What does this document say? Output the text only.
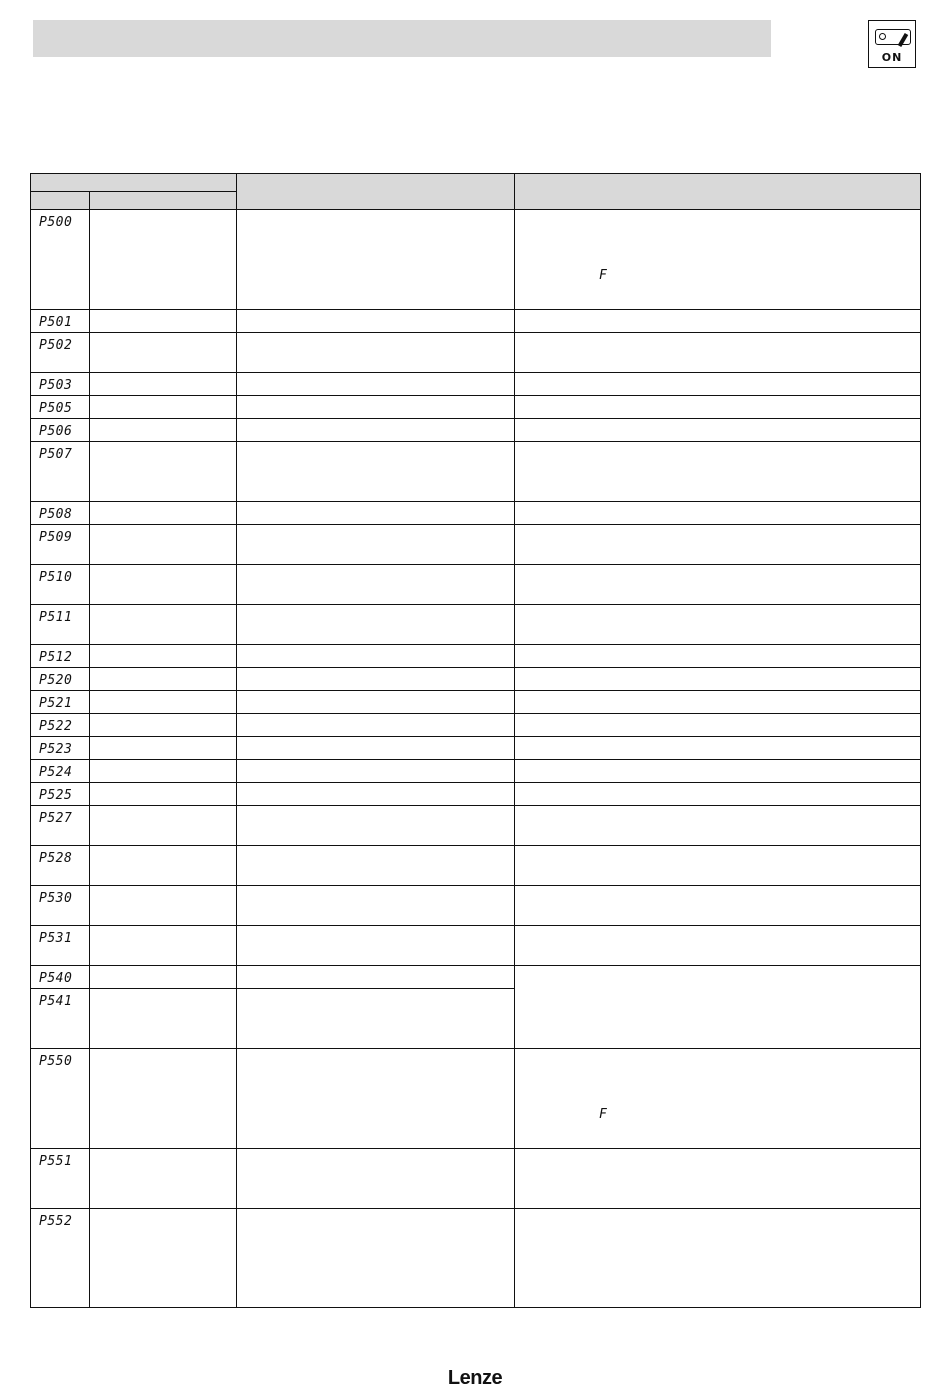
ON

P500			F

P501			
P502			
P503			
P505			
P506			
P507			
P508			
P509			
P510			
P511			
P512			
P520			
P521			
P522			
P523			
P524			
P525			
P527			
P528			
P530			
P531			
P540			
P541			
P550			F

P551			
P552			
Lenze
